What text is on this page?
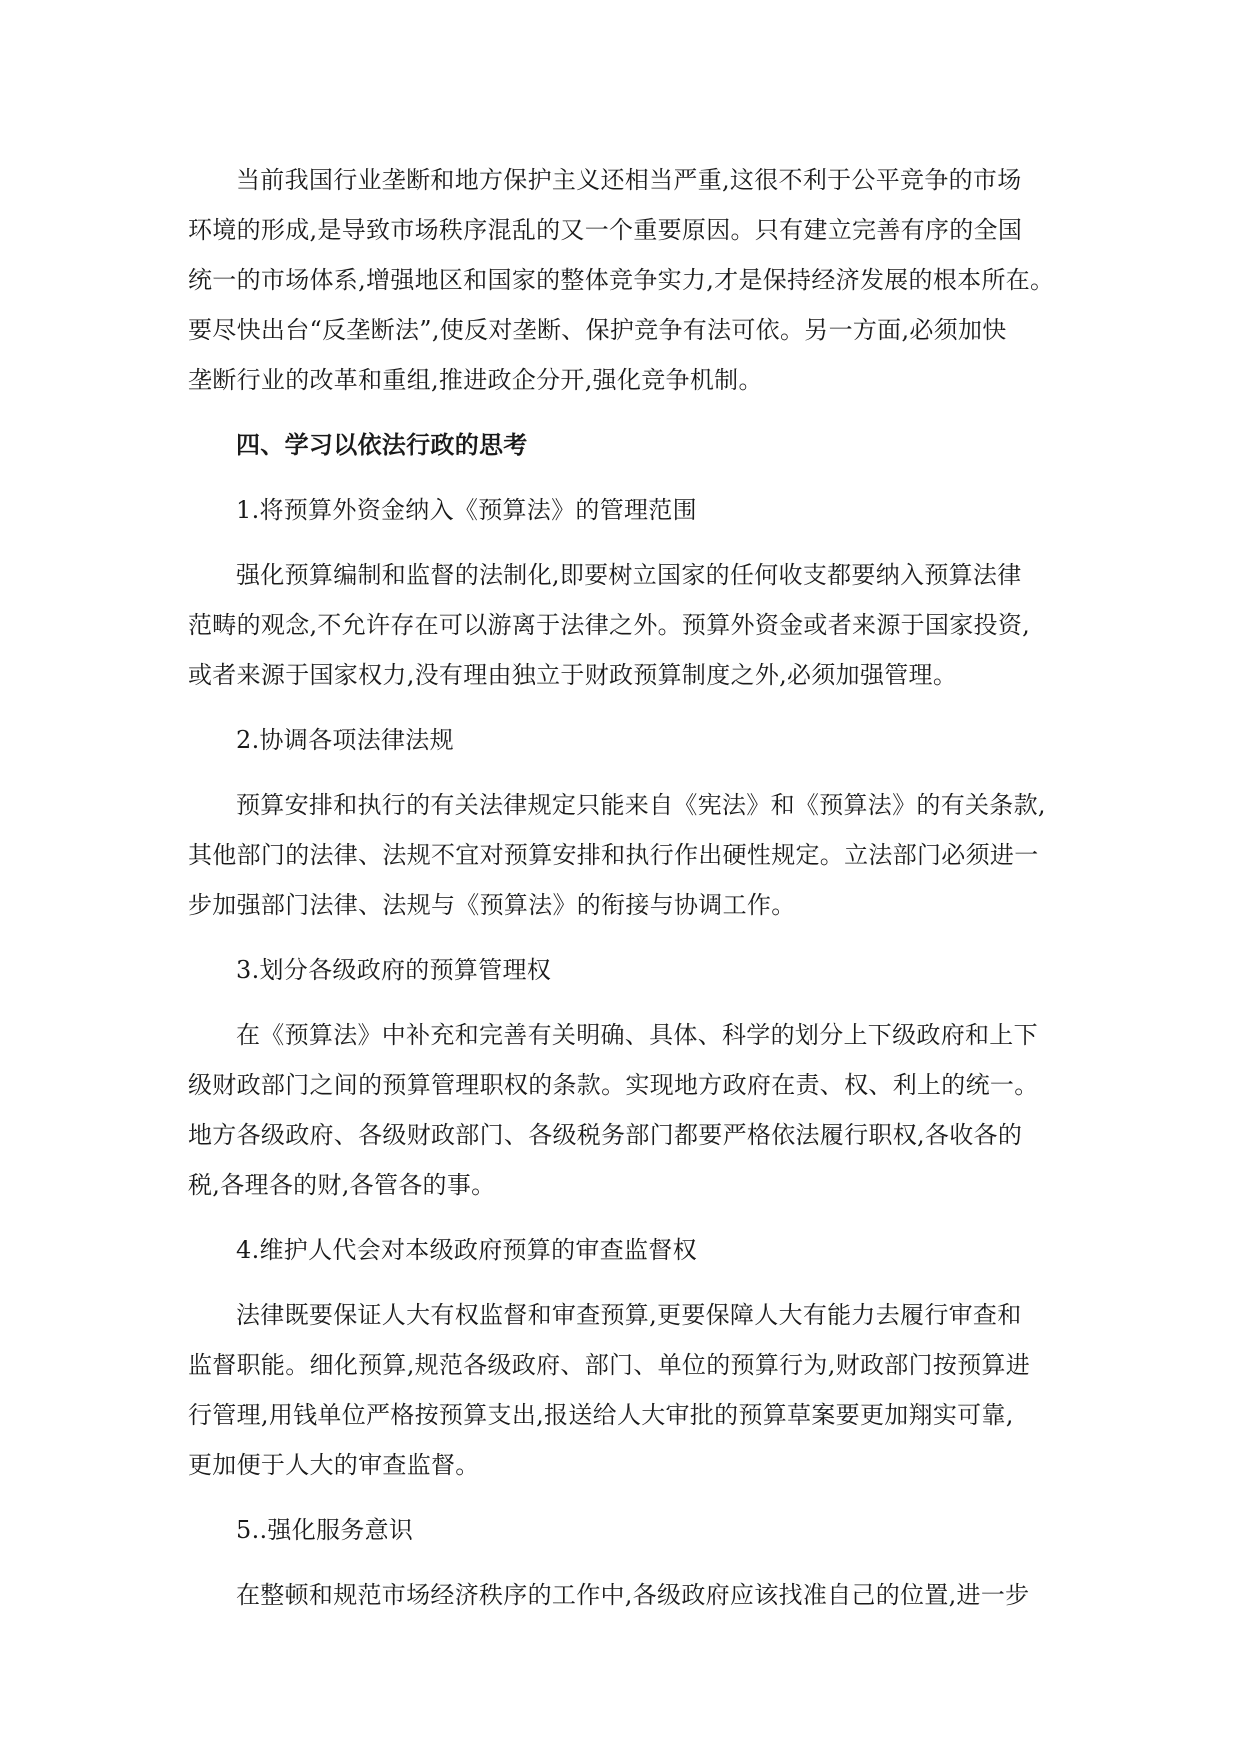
当前我国行业垄断和地方保护主义还相当严重,这很不利于公平竞争的市场
环境的形成,是导致市场秩序混乱的又一个重要原因。只有建立完善有序的全国
统一的市场体系,增强地区和国家的整体竞争实力,才是保持经济发展的根本所在。
要尽快出台“反垄断法”,使反对垄断、保护竞争有法可依。另一方面,必须加快
垄断行业的改革和重组,推进政企分开,强化竞争机制。
四、学习以依法行政的思考
1.将预算外资金纳入《预算法》的管理范围
强化预算编制和监督的法制化,即要树立国家的任何收支都要纳入预算法律
范畴的观念,不允许存在可以游离于法律之外。预算外资金或者来源于国家投资,
或者来源于国家权力,没有理由独立于财政预算制度之外,必须加强管理。
2.协调各项法律法规
预算安排和执行的有关法律规定只能来自《宪法》和《预算法》的有关条款,
其他部门的法律、法规不宜对预算安排和执行作出硬性规定。立法部门必须进一
步加强部门法律、法规与《预算法》的衔接与协调工作。
3.划分各级政府的预算管理权
在《预算法》中补充和完善有关明确、具体、科学的划分上下级政府和上下
级财政部门之间的预算管理职权的条款。实现地方政府在责、权、利上的统一。
地方各级政府、各级财政部门、各级税务部门都要严格依法履行职权,各收各的
税,各理各的财,各管各的事。
4.维护人代会对本级政府预算的审查监督权
法律既要保证人大有权监督和审查预算,更要保障人大有能力去履行审查和
监督职能。细化预算,规范各级政府、部门、单位的预算行为,财政部门按预算进
行管理,用钱单位严格按预算支出,报送给人大审批的预算草案要更加翔实可靠,
更加便于人大的审查监督。
5..强化服务意识
在整顿和规范市场经济秩序的工作中,各级政府应该找准自己的位置,进一步
